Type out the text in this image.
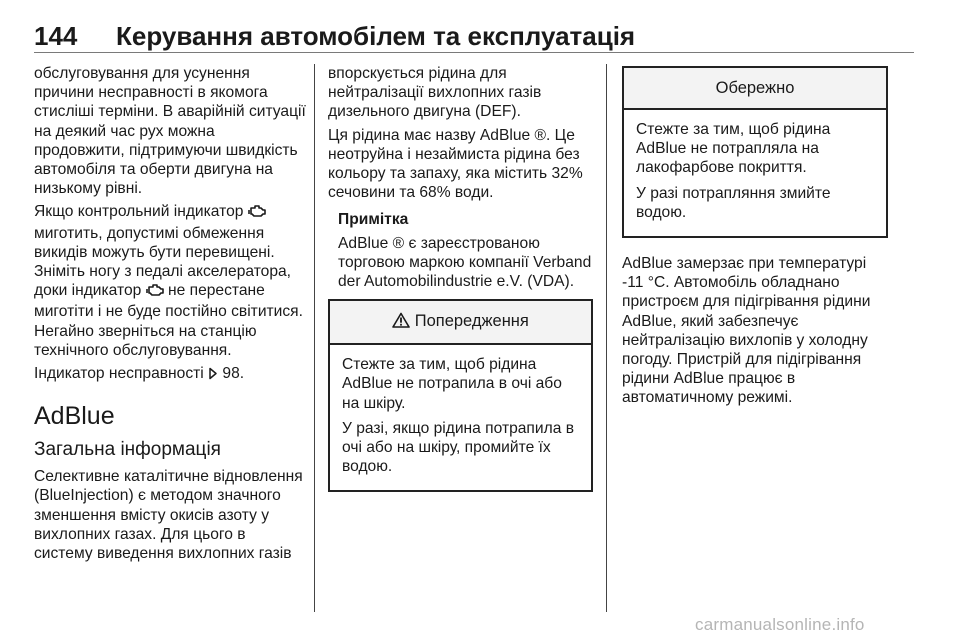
144 Керування автомобілем та експлуатація

обслуговування для усунення причини несправності в якомога стисліші терміни. В аварійній ситуації на деякий час рух можна продовжити, підтримуючи швидкість автомобіля та оберти двигуна на низькому рівні.

Якщо контрольний індикатор  миготить, допустимі обмеження викидів можуть бути перевищені. Зніміть ногу з педалі акселератора, доки індикатор не перестане миготіти і не буде постійно світитися. Негайно зверніться на станцію технічного обслуговування.

Індикатор несправності 98.

AdBlue

Загальна інформація

Селективне каталітичне відновлення (BlueInjection) є методом значного зменшення вмісту окисів азоту у вихлопних газах. Для цього в систему виведення вихлопних газів

впорскується рідина для нейтралізації вихлопних газів дизельного двигуна (DEF).

Ця рідина має назву AdBlue ®. Це неотруйна і незаймиста рідина без кольору та запаху, яка містить 32% сечовини та 68% води.

Примітка

AdBlue ® є зареєстрованою торговою маркою компанії Verband der Automobilindustrie e.V. (VDA).

Попередження

Стежте за тим, щоб рідина AdBlue не потрапила в очі або на шкіру.

У разі, якщо рідина потрапила в очі або на шкіру, промийте їх водою.

Обережно

Стежте за тим, щоб рідина AdBlue не потрапляла на лакофарбове покриття.

У разі потрапляння змийте водою.

AdBlue замерзає при температурі -11 °C. Автомобіль обладнано пристроєм для підігрівання рідини AdBlue, який забезпечує нейтралізацію вихлопів у холодну погоду. Пристрій для підігрівання рідини AdBlue працює в автоматичному режимі.

carmanualsonline.info
